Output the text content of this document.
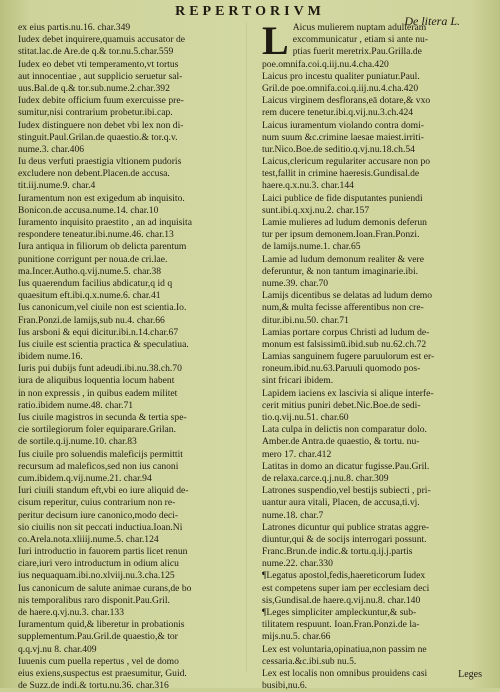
REPERTORIVM
De litera L.
ex eius partis.nu.16. char.349
Iudex debet inquirere,quamuis accusator de
stitat.lac.de Are.de q.& tor.nu.5.char.559
Iudex eo debet vti temperamento,vt tortus
aut innocentiae , aut supplicio seruetur sal-
uus.Bal.de q.& tor.sub.nume.2.char.392
Iudex debite officium fuum exercuisse pre-
sumitur,nisi contrarium probetur.ibi.cap.
Iudex distinguere non debet vbi lex non di-
stinguit.Paul.Grilan.de quaestio.& tor.q.v.
nume.3. char.406
Iu deus verfuti praestigia vltionem pudoris
excludere non debent.Placen.de accusa.
tit.iij.nume.9. char.4
Iuramentum non est exigedum ab inquisito.
Bonicon.de accusa.nume.14. char.10
Iuramento inquisito praestito , an ad inquisita
respondere teneatur.ibi.nume.46. char.13
Iura antiqua in filiorum ob delicta parentum
punitione corrigunt per noua.de cri.lae.
ma.Incer.Autho.q.vij.nume.5. char.38
Ius quaerendum facilius abdicatur,q id q
quaesitum eft.ibi.q.x.nume.6. char.41
Ius canonicum,vel ciuile non est scientia.Io.
Fran.Ponzi.de lamijs,sub nu.4. char.66
Ius arsboni & equi dicitur.ibi.n.14.char.67
Ius ciuile est scientia practica & speculatiua.
ibidem nume.16.
Iuris pui dubijs funt adeudi.ibi.nu.38.ch.70
iura de aliquibus loquentia locum habent
in non expressis , in quibus eadem militet
ratio.ibidem nume.48. char.71
Ius ciuile magistros in secunda & tertia spe-
cie sortilegiorum foler equiparare.Grilan.
de sortile.q.ij.nume.10. char.83
Ius ciuile pro soluendis maleficijs permittit
recursum ad maleficos,sed non ius canoni
cum.ibidem.q.vij.nume.21. char.94
Iuri ciuili standum eft,vbi eo iure aliquid de-
cisum reperitur, cuius contrarium non re-
peritur decisum iure canonico,modo deci-
sio ciuilis non sit peccati inductiua.Ioan.Ni
co.Arela.nota.xliiij.nume.5. char.124
Iuri introductio in fauorem partis licet renun
ciare,iuri vero introductum in odium alicu
ius nequaquam.ibi.no.xlviij.nu.3.cha.125
Ius canonicum de salute animae curans,de bo
nis temporalibus raro disponit.Pau.Gril.
de haere.q.vj.nu.3. char.133
Iuramentum quid,& liberetur in probationis
supplementum.Pau.Gril.de quaestio,& tor
q.q.vj.nu 8. char.409
Iuuenis cum puella repertus , vel de domo
eius exiens,suspectus est praesumitur, Guid.
de Suzz.de indi.& tortu.nu.36. char.316
L Aicus mulierem nuptam adulteram
excommunicatur , etiam si ante nu-
ptias fuerit meretrix.Pau.Grilla.de
poe.omnifa.coi.q.iij.nu.4.cha.420
Laicus pro incestu qualiter puniatur.Paul.
Gril.de poe.omnifa.coi.q.iij.nu.4.cha.420
Laicus virginem desflorans,eā dotare,& vxo
rem ducere tenetur.ibi.q.vij.nu.3.ch.424
Laicus iuramentum violando contra domi-
num suum &c.crimine laesae maiest.irriti-
tur.Nico.Boe.de seditio.q.vj.nu.18.ch.54
Laicus,clericum regulariter accusare non po
test,fallit in crimine haeresis.Gundisal.de
haere.q.x.nu.3. char.144
Laici publice de fide disputantes puniendi
sunt.ibi.q.xxj.nu.2. char.157
Lamie mulieres ad ludum demonis deferun
tur per ipsum demonem.Ioan.Fran.Ponzi.
de lamijs.nume.1. char.65
Lamie ad ludum demonum realiter & vere
deferuntur, & non tantum imaginarie.ibi.
nume.39. char.70
Lamijs dicentibus se delatas ad ludum demo
num,& multa fecisse afferentibus non cre-
ditur.ibi.nu.50. char.71
Lamias portare corpus Christi ad ludum de-
monum est falsissimū.ibid.sub nu.62.ch.72
Lamias sanguinem fugere paruulorum est er-
roneum.ibid.nu.63.Paruuli quomodo pos-
sint fricari ibidem.
Lapidem iaciens ex lascivia si alique interfe-
cerit mitius puniri debet.Nic.Boe.de sedi-
tio.q.vij.nu.51. char.60
Lata culpa in delictis non comparatur dolo.
Amber.de Antra.de quaestio, & tortu. nu-
mero 17. char.412
Latitas in domo an dicatur fugisse.Pau.Gril.
de relaxa.carce.q.j.nu.8. char.309
Latrones suspendio,vel bestijs subiecti , pri-
uantur aura vitali, Placen, de accusa,ti.vj.
nume.18. char.7
Latrones dicuntur qui publice stratas aggre-
diuntur,qui & de socijs interrogari possunt.
Franc.Brun.de indic.& tortu.q.ij.j.partis
nume.22. char.330
¶Legatus apostol,fedis,haereticorum Iudex
est competens super iam per ecclesiam deci
sis,Gundisal.de haere.q.vij.nu.8. char.140
¶Leges simpliciter ampleckuntur,& sub-
tilitatem respuunt. Ioan.Fran.Ponzi.de la-
mijs.nu.5. char.66
Lex est voluntaria,opinatiua,non passim ne
cessaria.&c.ibi.sub nu.5.
Lex est localis non omnibus prouidens casi
busibi,nu.6.
Leges
